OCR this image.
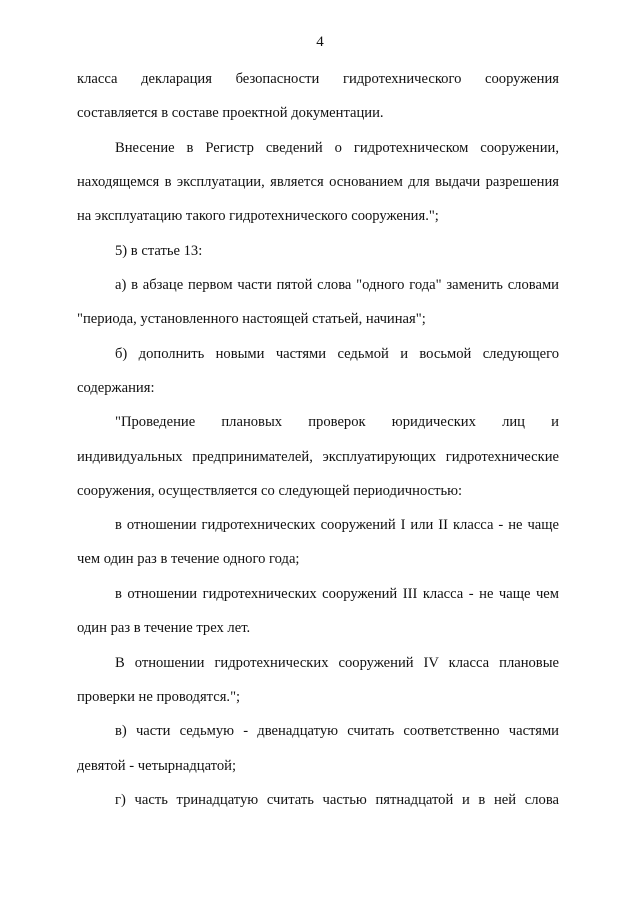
4
класса декларация безопасности гидротехнического сооружения
составляется в составе проектной документации.
Внесение в Регистр сведений о гидротехническом сооружении,
находящемся в эксплуатации, является основанием для выдачи разрешения
на эксплуатацию такого гидротехнического сооружения.";
5) в статье 13:
а) в абзаце первом части пятой слова "одного года" заменить словами
"периода, установленного настоящей статьей, начиная";
б) дополнить новыми частями седьмой и восьмой следующего
содержания:
"Проведение плановых проверок юридических лиц и
индивидуальных предпринимателей, эксплуатирующих гидротехнические
сооружения, осуществляется со следующей периодичностью:
в отношении гидротехнических сооружений I или II класса - не чаще
чем один раз в течение одного года;
в отношении гидротехнических сооружений III класса - не чаще чем
один раз в течение трех лет.
В отношении гидротехнических сооружений IV класса плановые
проверки не проводятся.";
в) части седьмую - двенадцатую считать соответственно частями
девятой - четырнадцатой;
г) часть тринадцатую считать частью пятнадцатой и в ней слова
